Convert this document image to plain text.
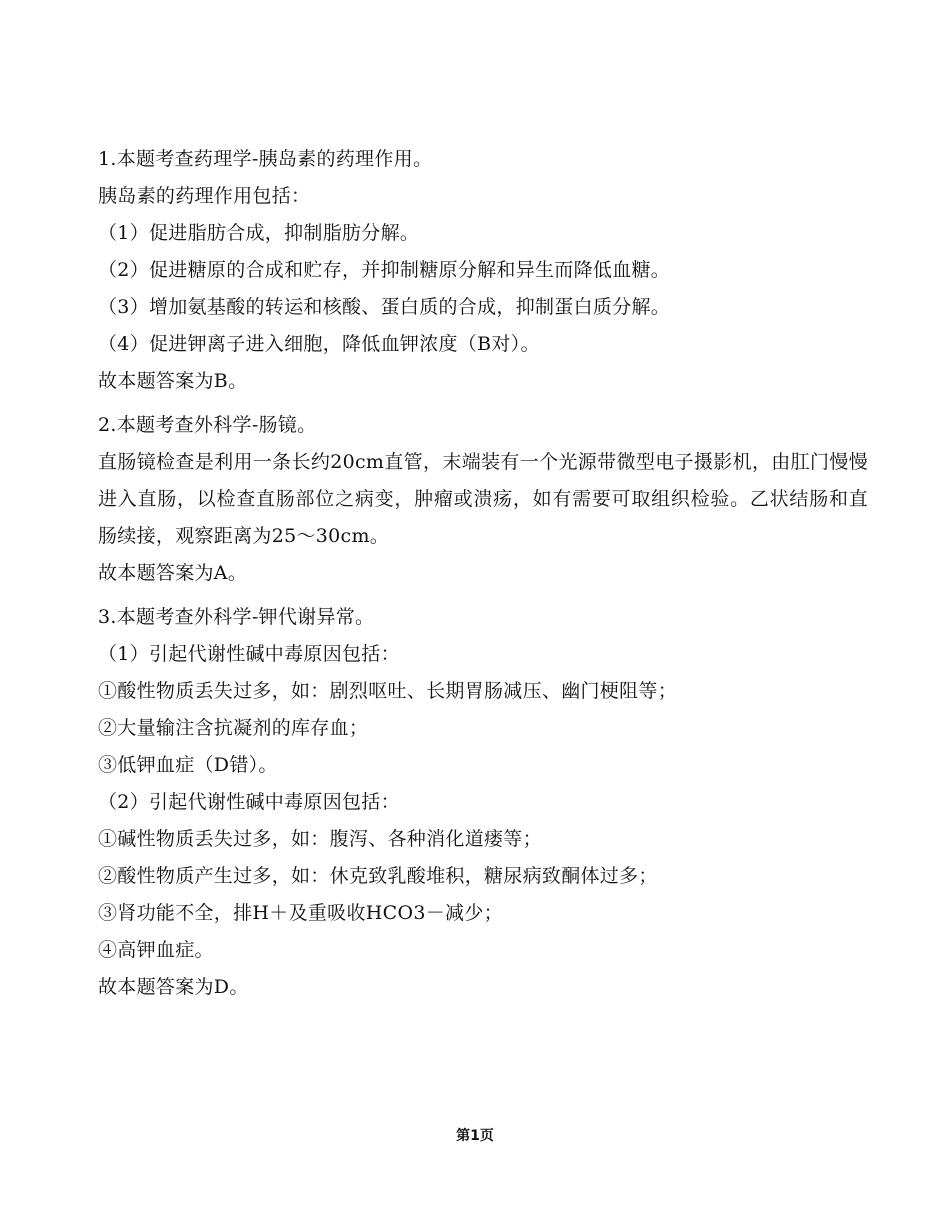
1.本题考查药理学-胰岛素的药理作用。
胰岛素的药理作用包括：
（1）促进脂肪合成，抑制脂肪分解。
（2）促进糖原的合成和贮存，并抑制糖原分解和异生而降低血糖。
（3）增加氨基酸的转运和核酸、蛋白质的合成，抑制蛋白质分解。
（4）促进钾离子进入细胞，降低血钾浓度（B对）。
故本题答案为B。
2.本题考查外科学-肠镜。
直肠镜检查是利用一条长约20cm直管，末端装有一个光源带微型电子摄影机，由肛门慢慢进入直肠，以检查直肠部位之病变，肿瘤或溃疡，如有需要可取组织检验。乙状结肠和直肠续接，观察距离为25～30cm。
故本题答案为A。
3.本题考查外科学-钾代谢异常。
（1）引起代谢性碱中毒原因包括：
①酸性物质丢失过多，如：剧烈呕吐、长期胃肠减压、幽门梗阻等；
②大量输注含抗凝剂的库存血；
③低钾血症（D错）。
（2）引起代谢性碱中毒原因包括：
①碱性物质丢失过多，如：腹泻、各种消化道瘘等；
②酸性物质产生过多，如：休克致乳酸堆积，糖尿病致酮体过多；
③肾功能不全，排H＋及重吸收HCO3－减少；
④高钾血症。
故本题答案为D。
第1页
